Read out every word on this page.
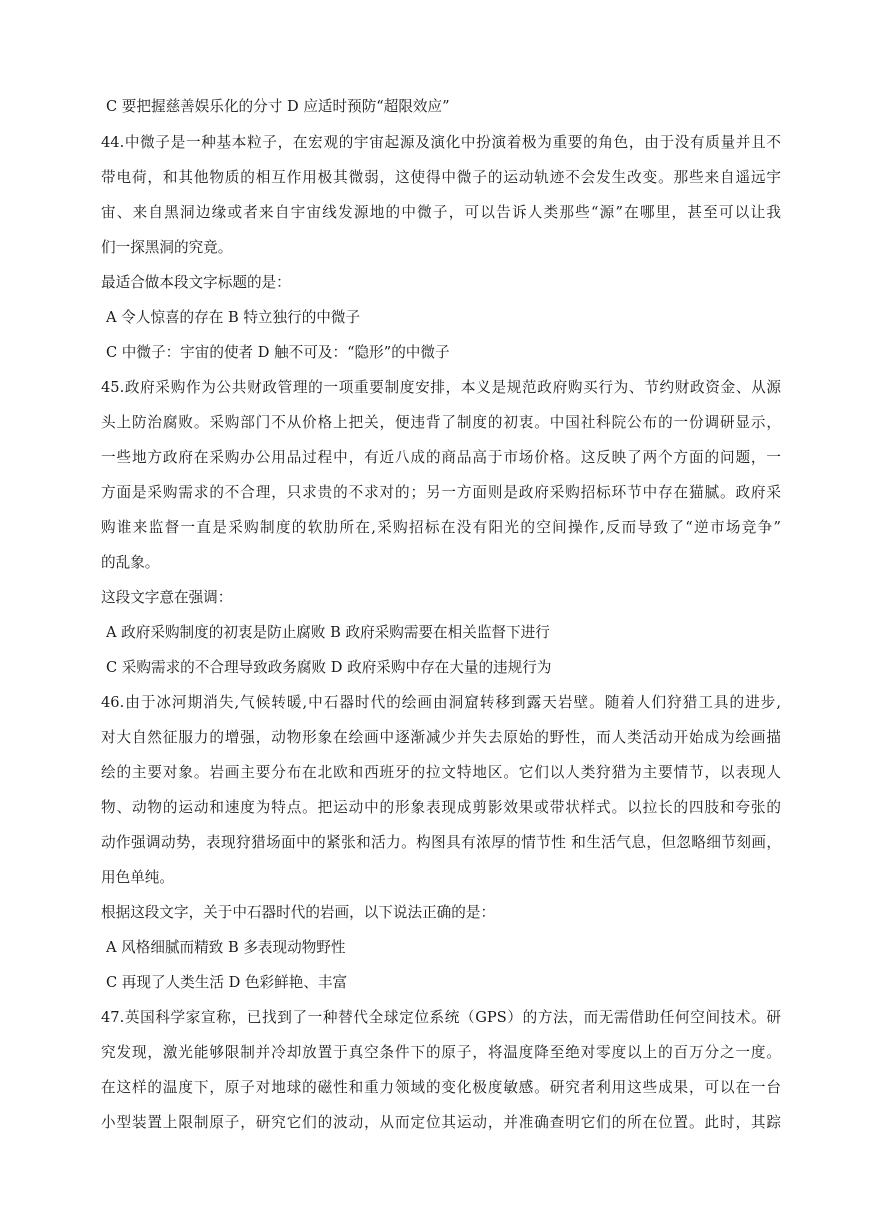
C 要把握慈善娱乐化的分寸 D 应适时预防“超限效应”
44.中微子是一种基本粒子，在宏观的宇宙起源及演化中扮演着极为重要的角色，由于没有质量并且不
带电荷，和其他物质的相互作用极其微弱，这使得中微子的运动轨迹不会发生改变。那些来自遥远宇
宙、来自黑洞边缘或者来自宇宙线发源地的中微子，可以告诉人类那些“源”在哪里，甚至可以让我
们一探黑洞的究竟。
最适合做本段文字标题的是：
A 令人惊喜的存在 B 特立独行的中微子
C 中微子：宇宙的使者 D 触不可及：“隐形”的中微子
45.政府采购作为公共财政管理的一项重要制度安排，本义是规范政府购买行为、节约财政资金、从源
头上防治腐败。采购部门不从价格上把关，便违背了制度的初衷。中国社科院公布的一份调研显示，
一些地方政府在采购办公用品过程中，有近八成的商品高于市场价格。这反映了两个方面的问题，一
方面是采购需求的不合理，只求贵的不求对的；另一方面则是政府采购招标环节中存在猫腻。政府采
购谁来监督一直是采购制度的软肋所在,采购招标在没有阳光的空间操作,反而导致了“逆市场竞争”
的乱象。
这段文字意在强调：
A 政府采购制度的初衷是防止腐败 B 政府采购需要在相关监督下进行
C 采购需求的不合理导致政务腐败 D 政府采购中存在大量的违规行为
46.由于冰河期消失,气候转暖,中石器时代的绘画由洞窟转移到露天岩壁。随着人们狩猎工具的进步,
对大自然征服力的增强，动物形象在绘画中逐渐减少并失去原始的野性，而人类活动开始成为绘画描
绘的主要对象。岩画主要分布在北欧和西班牙的拉文特地区。它们以人类狩猎为主要情节，以表现人
物、动物的运动和速度为特点。把运动中的形象表现成剪影效果或带状样式。以拉长的四肢和夸张的
动作强调动势，表现狩猎场面中的紧张和活力。构图具有浓厚的情节性 和生活气息，但忽略细节刻画，
用色单纯。
根据这段文字，关于中石器时代的岩画，以下说法正确的是：
A 风格细腻而精致 B 多表现动物野性
C 再现了人类生活 D 色彩鲜艳、丰富
47.英国科学家宣称，已找到了一种替代全球定位系统（GPS）的方法，而无需借助任何空间技术。研
究发现，激光能够限制并冷却放置于真空条件下的原子，将温度降至绝对零度以上的百万分之一度。
在这样的温度下，原子对地球的磁性和重力领域的变化极度敏感。研究者利用这些成果，可以在一台
小型装置上限制原子，研究它们的波动，从而定位其运动，并准确查明它们的所在位置。此时，其踪
